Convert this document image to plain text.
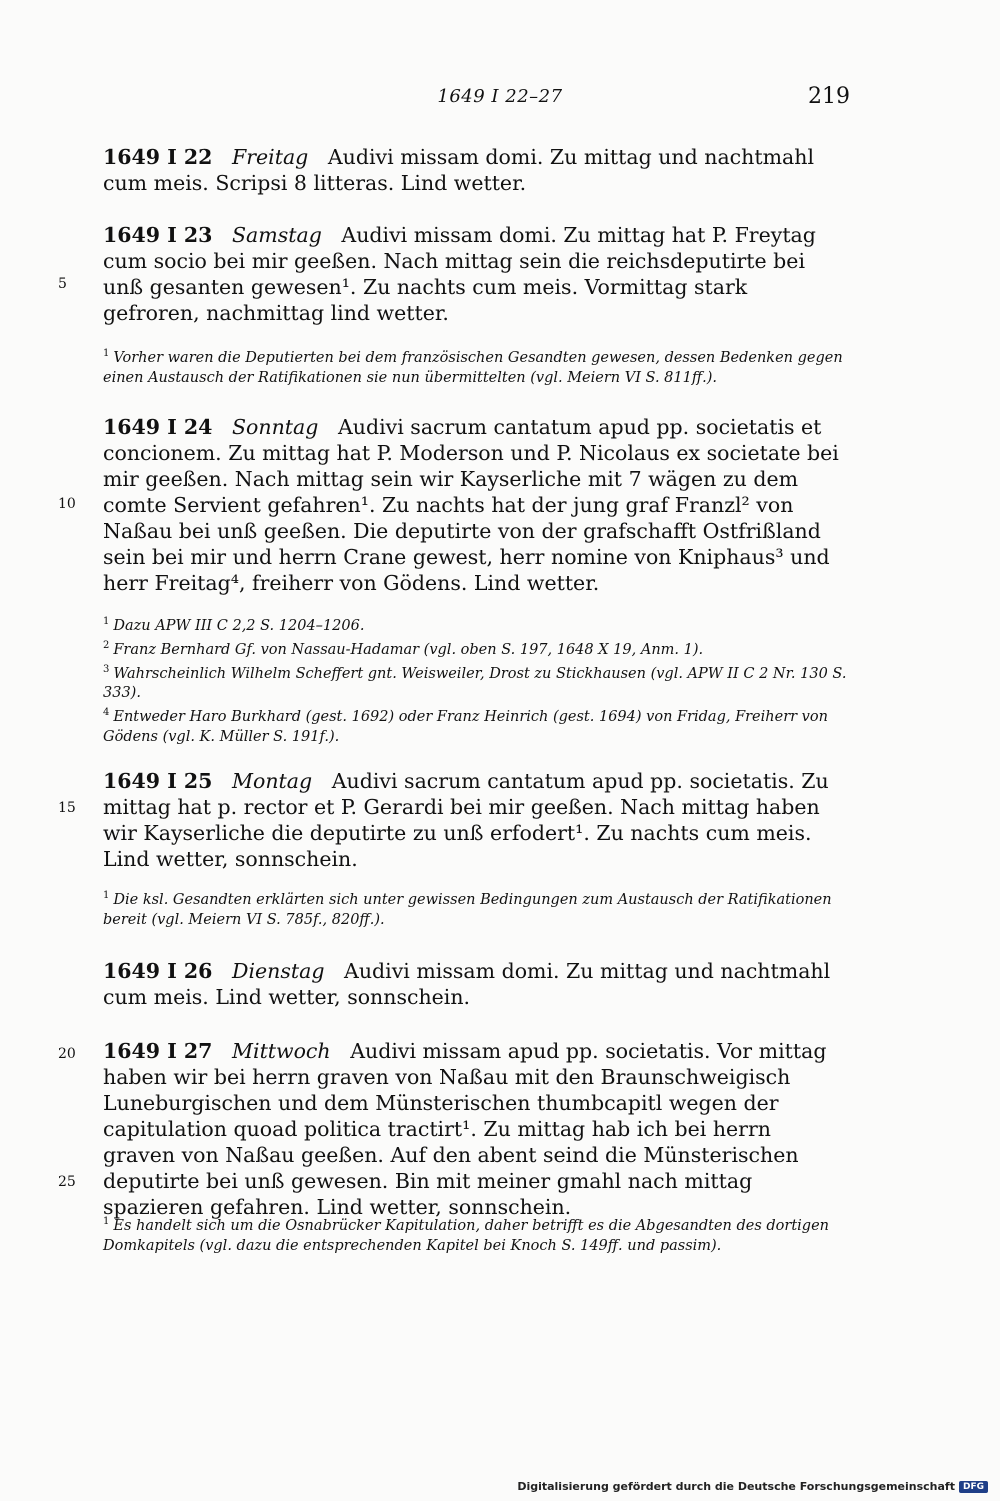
1649 I 22–27	219
1649 I 22 Freitag Audivi missam domi. Zu mittag und nachtmahl cum meis. Scripsi 8 litteras. Lind wetter.
1649 I 23 Samstag Audivi missam domi. Zu mittag hat P. Freytag cum socio bei mir geeßen. Nach mittag sein die reichsdeputirte bei unß gesanten gewesen¹. Zu nachts cum meis. Vormittag stark gefroren, nachmittag lind wetter.

$^1$ Vorher waren die Deputierten bei dem französischen Gesandten gewesen, dessen Bedenken gegen einen Austausch der Ratifikationen sie nun übermittelten (vgl. Meiern VI S. 811ff.).

1649 I 24 Sonntag Audivi sacrum cantatum apud pp. societatis et concionem. Zu mittag hat P. Moderson und P. Nicolaus ex societate bei mir geeßen. Nach mittag sein wir Kayserliche mit 7 wägen zu dem comte Servient gefahren¹. Zu nachts hat der jung graf Franzl² von Naßau bei unß geeßen. Die deputirte von der grafschafft Ostfrißland sein bei mir und herrn Crane gewest, herr nomine von Kniphaus³ und herr Freitag⁴, freiherr von Gödens. Lind wetter.

$^1$ Dazu APW III C 2,2 S. 1204–1206.

$^2$ Franz Bernhard Gf. von Nassau-Hadamar (vgl. oben S. 197, 1648 X 19, Anm. 1).

$^3$ Wahrscheinlich Wilhelm Scheffert gnt. Weisweiler, Drost zu Stickhausen (vgl. APW II C 2 Nr. 130 S. 333).

$^4$ Entweder Haro Burkhard (gest. 1692) oder Franz Heinrich (gest. 1694) von Fridag, Freiherr von Gödens (vgl. K. Müller S. 191f.).

1649 I 25 Montag Audivi sacrum cantatum apud pp. societatis. Zu mittag hat p. rector et P. Gerardi bei mir geeßen. Nach mittag haben wir Kayserliche die deputirte zu unß erfodert¹. Zu nachts cum meis. Lind wetter, sonnschein.

$^1$ Die ksl. Gesandten erklärten sich unter gewissen Bedingungen zum Austausch der Ratifikationen bereit (vgl. Meiern VI S. 785f., 820ff.).

1649 I 26 Dienstag Audivi missam domi. Zu mittag und nachtmahl cum meis. Lind wetter, sonnschein.
1649 I 27 Mittwoch Audivi missam apud pp. societatis. Vor mittag haben wir bei herrn graven von Naßau mit den Braunschweigisch Luneburgischen und dem Münsterischen thumbcapitl wegen der capitulation quoad politica tractirt¹. Zu mittag hab ich bei herrn graven von Naßau geeßen. Auf den abent seind die Münsterischen deputirte bei unß gewesen. Bin mit meiner gmahl nach mittag spazieren gefahren. Lind wetter, sonnschein.

$^1$ Es handelt sich um die Osnabrücker Kapitulation, daher betrifft es die Abgesandten des dortigen Domkapitels (vgl. dazu die entsprechenden Kapitel bei Knoch S. 149ff. und passim).

5
10
15
20
25
Digitalisierung gefördert durch die Deutsche Forschungsgemeinschaft DFG
